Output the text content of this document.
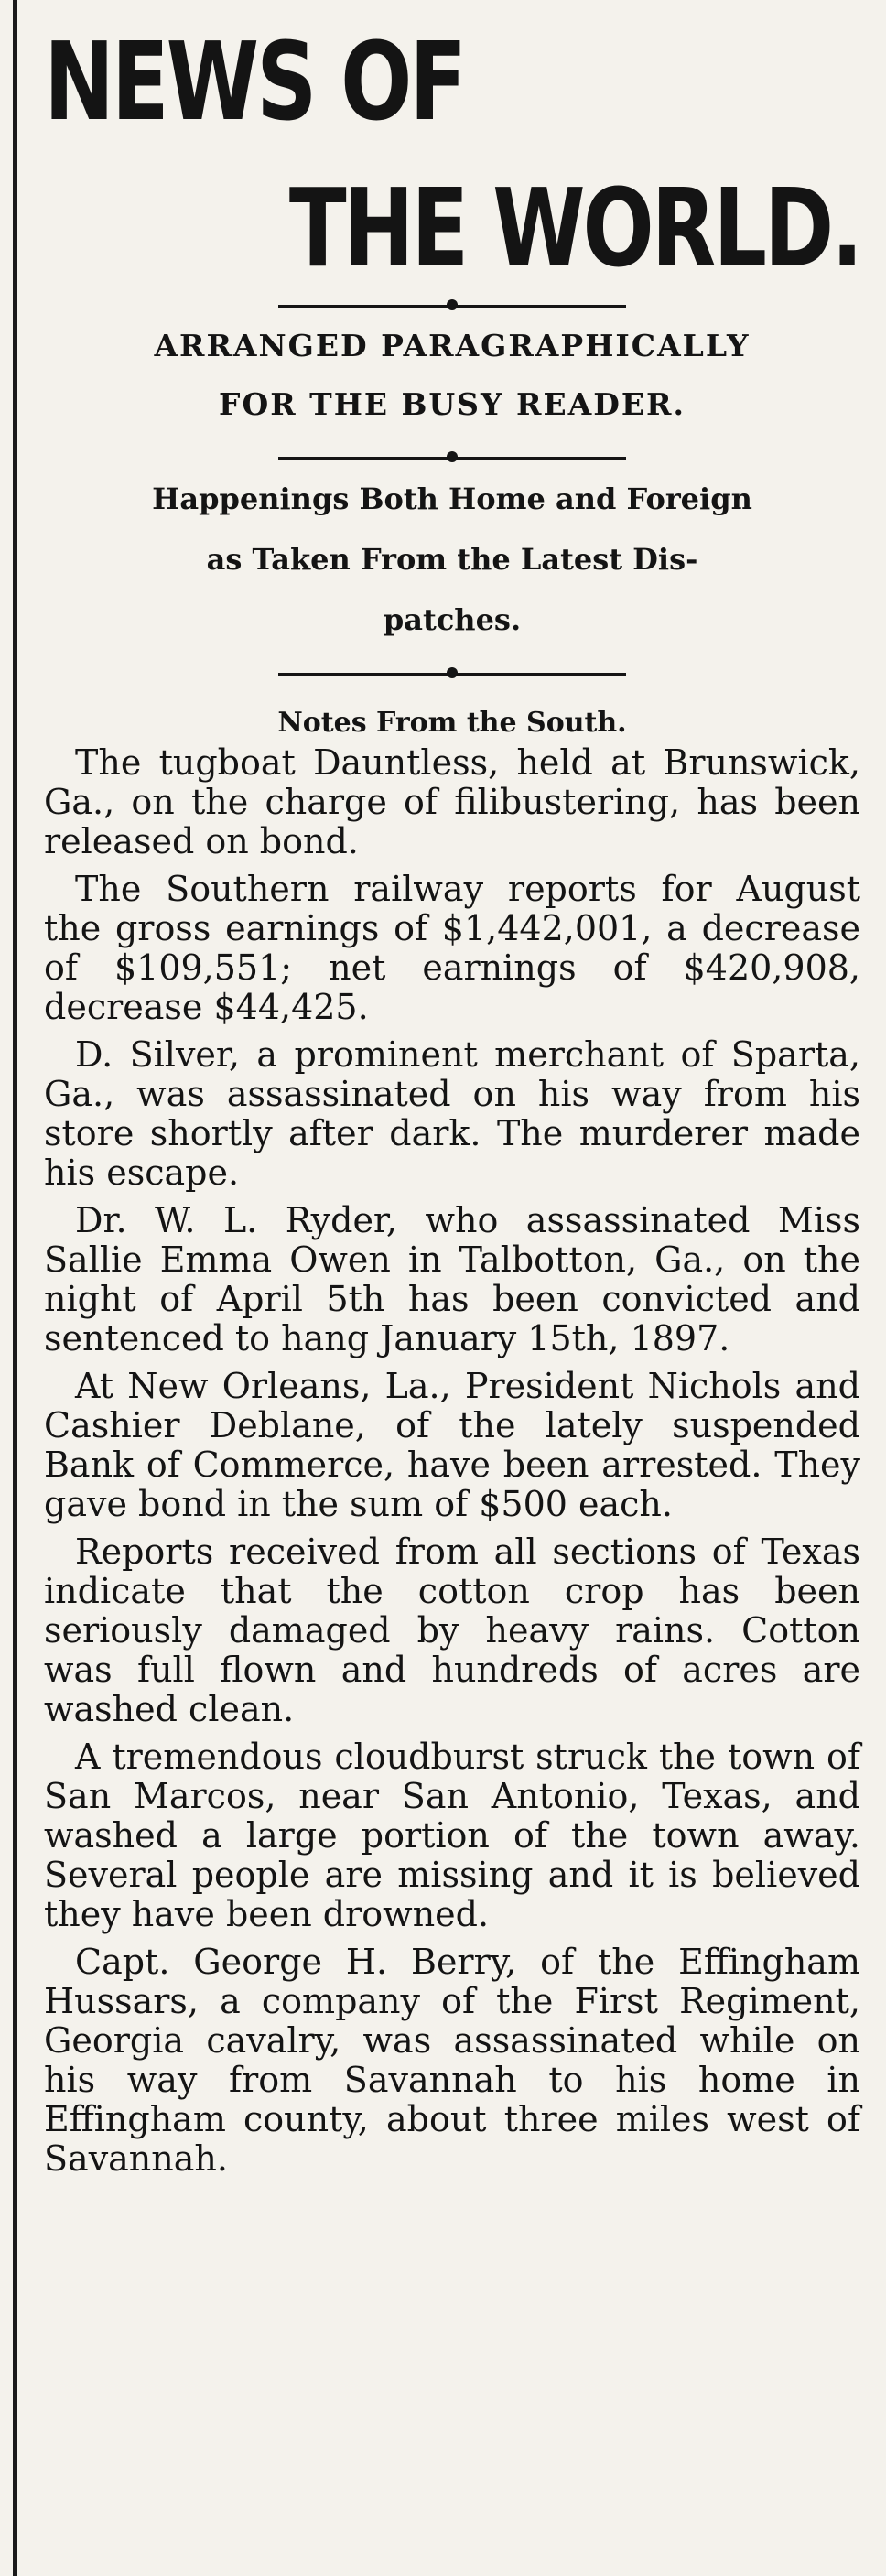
NEWS OF
THE WORLD.
ARRANGED PARAGRAPHICALLY
FOR THE BUSY READER.
Happenings Both Home and Foreign
as Taken From the Latest Dis-
patches.
Notes From the South.

The tugboat Dauntless, held at Brunswick, Ga., on the charge of filibustering, has been released on bond.

The Southern railway reports for August the gross earnings of $1,442,001, a decrease of $109,551; net earnings of $420,908, decrease $44,425.

D. Silver, a prominent merchant of Sparta, Ga., was assassinated on his way from his store shortly after dark. The murderer made his escape.

Dr. W. L. Ryder, who assassinated Miss Sallie Emma Owen in Talbotton, Ga., on the night of April 5th has been convicted and sentenced to hang January 15th, 1897.

At New Orleans, La., President Nichols and Cashier Deblane, of the lately suspended Bank of Commerce, have been arrested. They gave bond in the sum of $500 each.

Reports received from all sections of Texas indicate that the cotton crop has been seriously damaged by heavy rains. Cotton was full flown and hundreds of acres are washed clean.

A tremendous cloudburst struck the town of San Marcos, near San Antonio, Texas, and washed a large portion of the town away. Several people are missing and it is believed they have been drowned.

Capt. George H. Berry, of the Effingham Hussars, a company of the First Regiment, Georgia cavalry, was assassinated while on his way from Savannah to his home in Effingham county, about three miles west of Savannah.
